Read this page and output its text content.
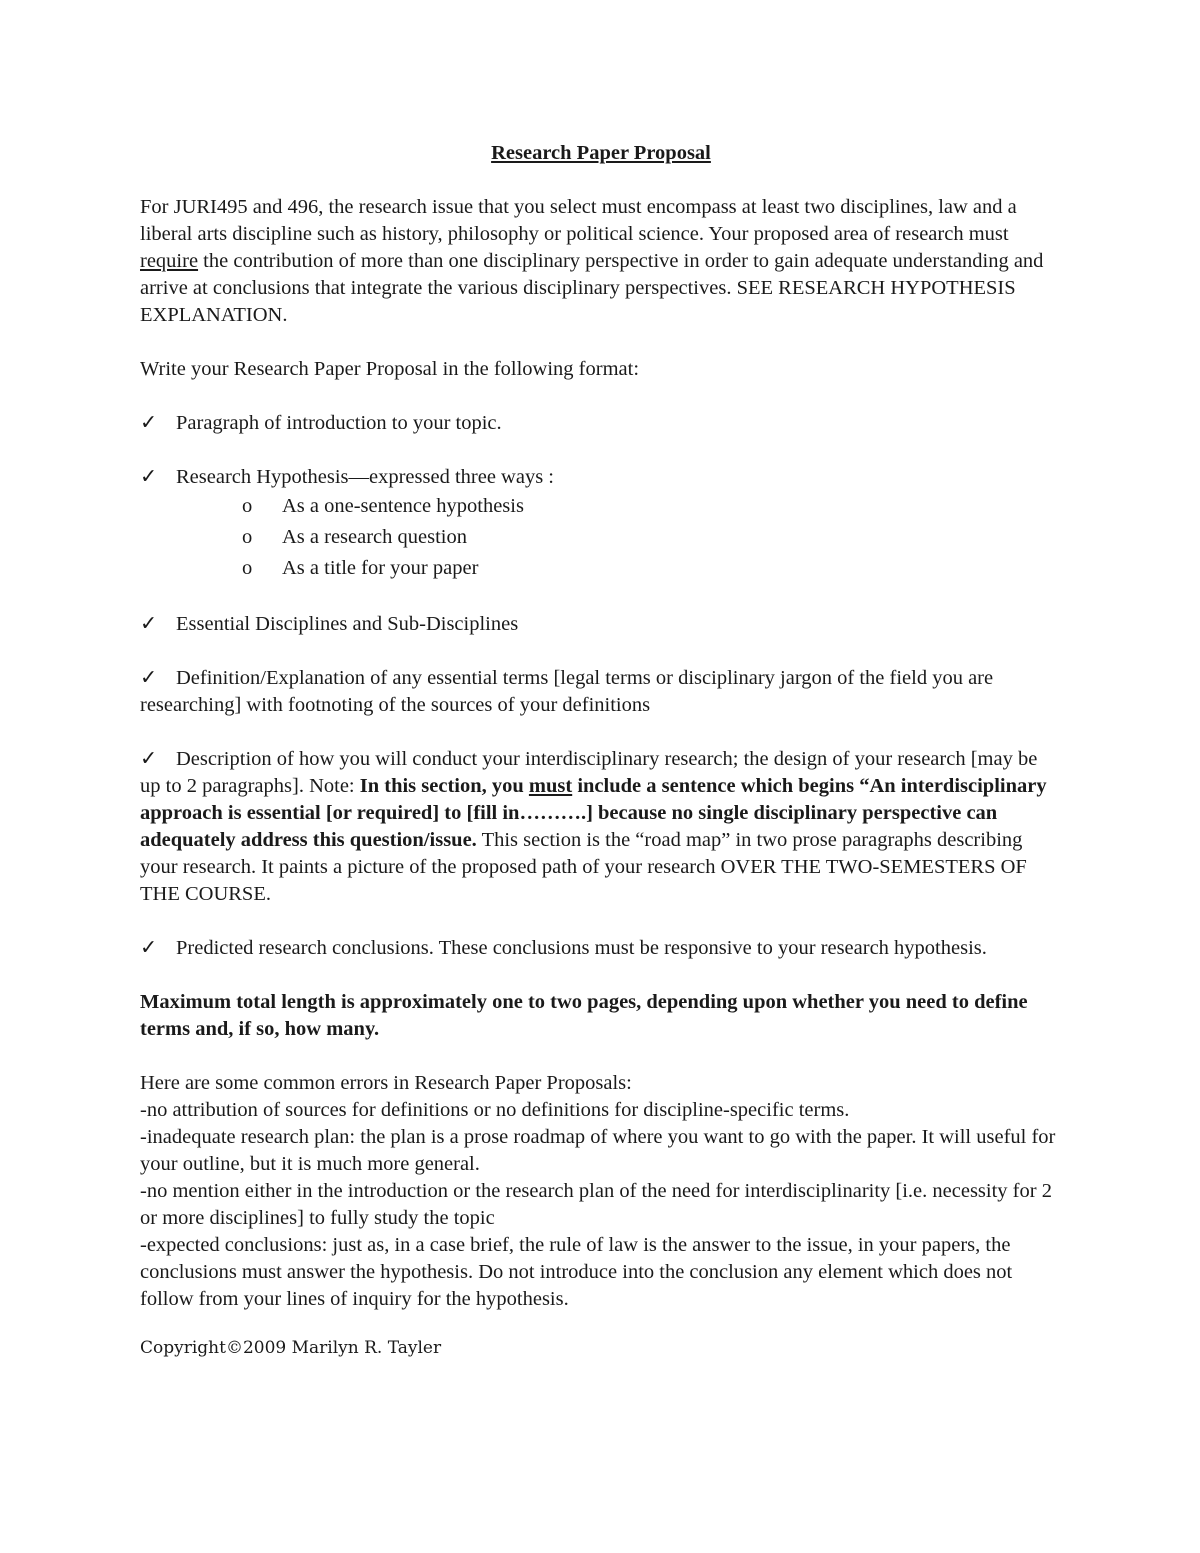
Research Paper Proposal

For JURI495 and 496, the research issue that you select must encompass at least two disciplines, law and a liberal arts discipline such as history, philosophy or political science. Your proposed area of research must require the contribution of more than one disciplinary perspective in order to gain adequate understanding and arrive at conclusions that integrate the various disciplinary perspectives. SEE RESEARCH HYPOTHESIS EXPLANATION.

Write your Research Paper Proposal in the following format:

✓ Paragraph of introduction to your topic.
✓ Research Hypothesis—expressed three ways :
o As a one-sentence hypothesis
o As a research question
o As a title for your paper
✓ Essential Disciplines and Sub-Disciplines
✓ Definition/Explanation of any essential terms [legal terms or disciplinary jargon of the field you are researching] with footnoting of the sources of your definitions
✓ Description of how you will conduct your interdisciplinary research; the design of your research [may be up to 2 paragraphs]. Note: In this section, you must include a sentence which begins “An interdisciplinary approach is essential [or required] to [fill in……….] because no single disciplinary perspective can adequately address this question/issue. This section is the “road map” in two prose paragraphs describing your research. It paints a picture of the proposed path of your research OVER THE TWO-SEMESTERS OF THE COURSE.
✓ Predicted research conclusions. These conclusions must be responsive to your research hypothesis.

Maximum total length is approximately one to two pages, depending upon whether you need to define terms and, if so, how many.

Here are some common errors in Research Paper Proposals:

-no attribution of sources for definitions or no definitions for discipline-specific terms.

-inadequate research plan: the plan is a prose roadmap of where you want to go with the paper. It will useful for your outline, but it is much more general.

-no mention either in the introduction or the research plan of the need for interdisciplinarity [i.e. necessity for 2 or more disciplines] to fully study the topic

-expected conclusions: just as, in a case brief, the rule of law is the answer to the issue, in your papers, the conclusions must answer the hypothesis. Do not introduce into the conclusion any element which does not follow from your lines of inquiry for the hypothesis.

Copyright©2009 Marilyn R. Tayler
